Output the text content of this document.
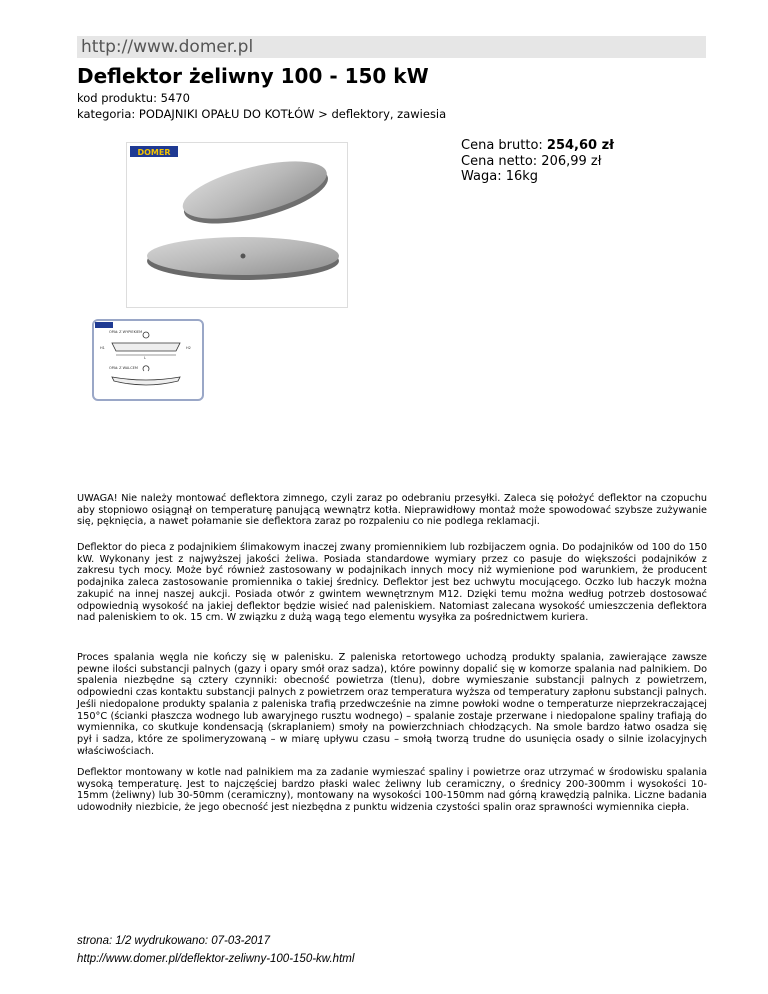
http://www.domer.pl
Deflektor żeliwny 100 - 150 kW
kod produktu: 5470
kategoria: PODAJNIKI OPAŁU DO KOTŁÓW > deflektory, zawiesia
DOMER
OPAŁ Z WYPIEKIEM
H1	H2
L
OPAŁ Z WALCEM
Cena brutto: 254,60 zł
Cena netto: 206,99 zł
Waga: 16kg

UWAGA! Nie należy montować deflektora zimnego, czyli zaraz po odebraniu przesyłki. Zaleca się położyć deflektor na czopuchu aby stopniowo osiągnął on temperaturę panującą wewnątrz kotła. Nieprawidłowy montaż może spowodować szybsze zużywanie się, pęknięcia, a nawet połamanie sie deflektora zaraz po rozpaleniu co nie podlega reklamacji.

Deflektor do pieca z podajnikiem ślimakowym inaczej zwany promiennikiem lub rozbijaczem ognia. Do podajników od 100 do 150 kW. Wykonany jest z najwyższej jakości żeliwa. Posiada standardowe wymiary przez co pasuje do większości podajników z zakresu tych mocy. Może być również zastosowany w podajnikach innych mocy niż wymienione pod warunkiem, że producent podajnika zaleca zastosowanie promiennika o takiej średnicy. Deflektor jest bez uchwytu mocującego. Oczko lub haczyk można zakupić na innej naszej aukcji. Posiada otwór z gwintem wewnętrznym M12. Dzięki temu można według potrzeb dostosować odpowiednią wysokość na jakiej deflektor będzie wisieć nad paleniskiem. Natomiast zalecana wysokość umieszczenia deflektora nad paleniskiem to ok. 15 cm. W związku z dużą wagą tego elementu wysyłka za pośrednictwem kuriera.

Proces spalania węgla nie kończy się w palenisku. Z paleniska retortowego uchodzą produkty spalania, zawierające zawsze pewne ilości substancji palnych (gazy i opary smół oraz sadza), które powinny dopalić się w komorze spalania nad palnikiem. Do spalenia niezbędne są cztery czynniki: obecność powietrza (tlenu), dobre wymieszanie substancji palnych z powietrzem, odpowiedni czas kontaktu substancji palnych z powietrzem oraz temperatura wyższa od temperatury zapłonu substancji palnych. Jeśli niedopalone produkty spalania z paleniska trafią przedwcześnie na zimne powłoki wodne o temperaturze nieprzekraczającej 150°C (ścianki płaszcza wodnego lub awaryjnego rusztu wodnego) – spalanie zostaje przerwane i niedopalone spaliny trafiają do wymiennika, co skutkuje kondensacją (skraplaniem) smoły na powierzchniach chłodzących. Na smole bardzo łatwo osadza się pył i sadza, które ze spolimeryzowaną – w miarę upływu czasu – smołą tworzą trudne do usunięcia osady o silnie izolacyjnych właściwościach.

Deflektor montowany w kotle nad palnikiem ma za zadanie wymieszać spaliny i powietrze oraz utrzymać w środowisku spalania wysoką temperaturę. Jest to najczęściej bardzo płaski walec żeliwny lub ceramiczny, o średnicy 200-300mm i wysokości 10-15mm (żeliwny) lub 30-50mm (ceramiczny), montowany na wysokości 100-150mm nad górną krawędzią palnika. Liczne badania udowodniły niezbicie, że jego obecność jest niezbędna z punktu widzenia czystości spalin oraz sprawności wymiennika ciepła.

strona: 1/2 wydrukowano: 07-03-2017
http://www.domer.pl/deflektor-zeliwny-100-150-kw.html
